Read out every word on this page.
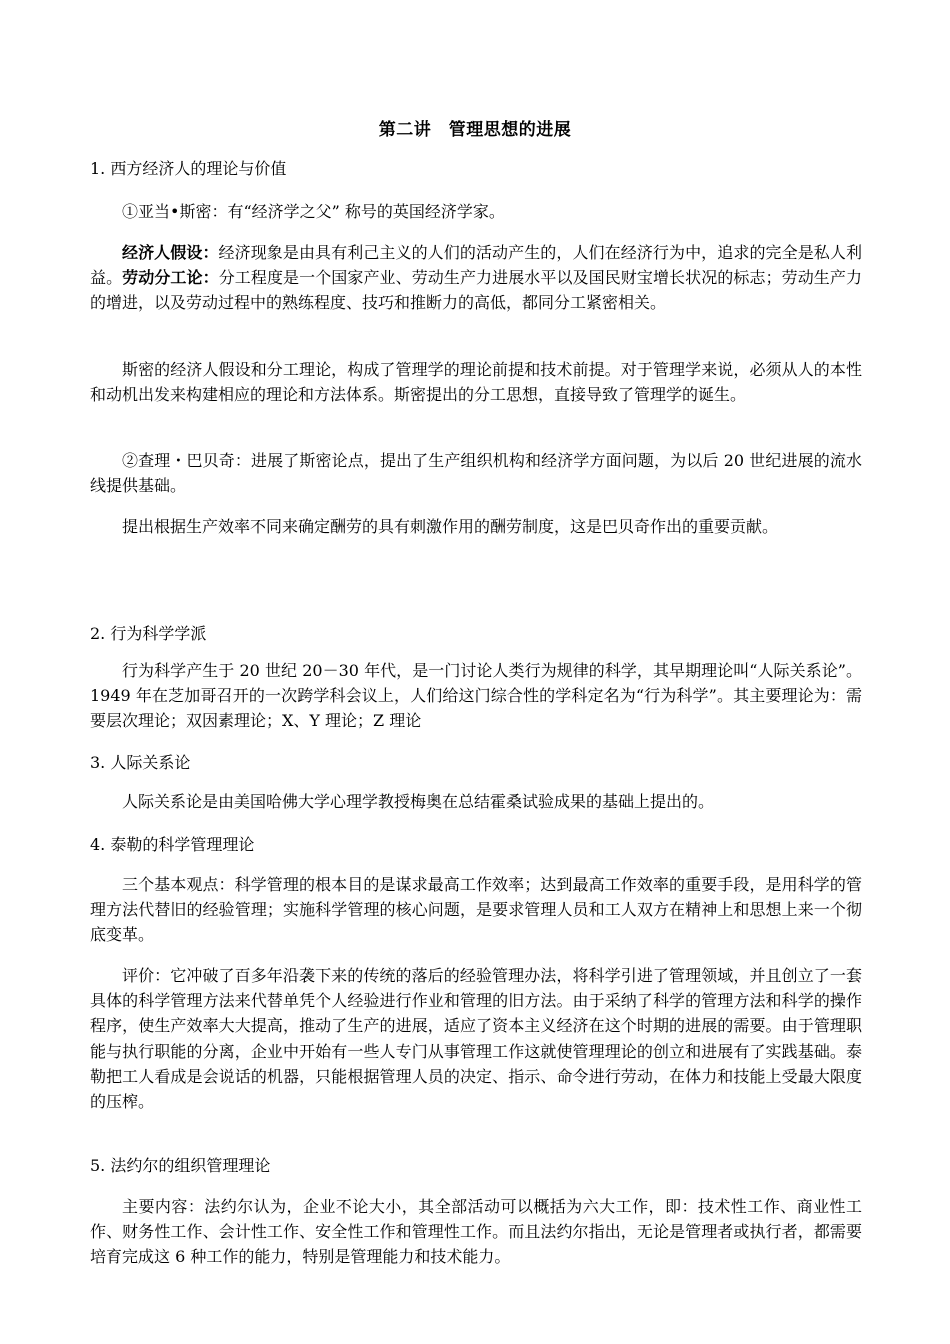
第二讲　管理思想的进展
1. 西方经济人的理论与价值

①亚当•斯密：有“经济学之父” 称号的英国经济学家。

经济人假设：经济现象是由具有利己主义的人们的活动产生的，人们在经济行为中，追求的完全是私人利益。劳动分工论：分工程度是一个国家产业、劳动生产力进展水平以及国民财宝增长状况的标志；劳动生产力的增进，以及劳动过程中的熟练程度、技巧和推断力的高低，都同分工紧密相关。

斯密的经济人假设和分工理论，构成了管理学的理论前提和技术前提。对于管理学来说，必须从人的本性和动机出发来构建相应的理论和方法体系。斯密提出的分工思想，直接导致了管理学的诞生。

②查理・巴贝奇：进展了斯密论点，提出了生产组织机构和经济学方面问题，为以后 20 世纪进展的流水线提供基础。

提出根据生产效率不同来确定酬劳的具有刺激作用的酬劳制度，这是巴贝奇作出的重要贡献。

2. 行为科学学派

行为科学产生于 20 世纪 20－30 年代，是一门讨论人类行为规律的科学，其早期理论叫“人际关系论”。1949 年在芝加哥召开的一次跨学科会议上，人们给这门综合性的学科定名为“行为科学”。其主要理论为：需要层次理论；双因素理论；X、Y 理论；Z 理论

3. 人际关系论

人际关系论是由美国哈佛大学心理学教授梅奥在总结霍桑试验成果的基础上提出的。

4. 泰勒的科学管理理论

三个基本观点：科学管理的根本目的是谋求最高工作效率；达到最高工作效率的重要手段，是用科学的管理方法代替旧的经验管理；实施科学管理的核心问题，是要求管理人员和工人双方在精神上和思想上来一个彻底变革。

评价：它冲破了百多年沿袭下来的传统的落后的经验管理办法，将科学引进了管理领域，并且创立了一套具体的科学管理方法来代替单凭个人经验进行作业和管理的旧方法。由于采纳了科学的管理方法和科学的操作程序，使生产效率大大提高，推动了生产的进展，适应了资本主义经济在这个时期的进展的需要。由于管理职能与执行职能的分离，企业中开始有一些人专门从事管理工作这就使管理理论的创立和进展有了实践基础。泰勒把工人看成是会说话的机器，只能根据管理人员的决定、指示、命令进行劳动，在体力和技能上受最大限度的压榨。

5. 法约尔的组织管理理论

主要内容：法约尔认为，企业不论大小，其全部活动可以概括为六大工作，即：技术性工作、商业性工作、财务性工作、会计性工作、安全性工作和管理性工作。而且法约尔指出，无论是管理者或执行者，都需要培育完成这 6 种工作的能力，特别是管理能力和技术能力。
